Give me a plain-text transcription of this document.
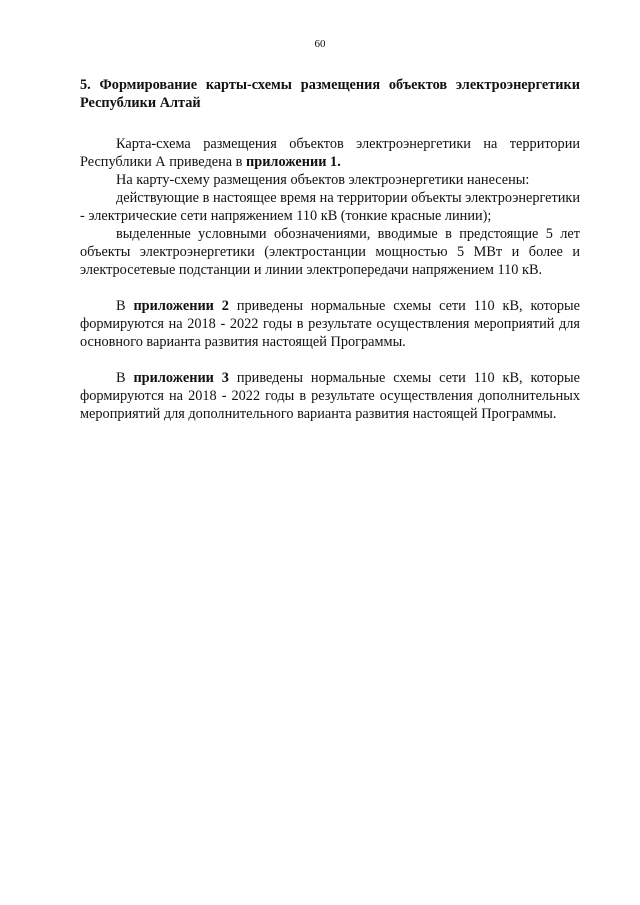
60

5. Формирование карты-схемы размещения объектов электроэнергетики Республики Алтай

Карта-схема размещения объектов электроэнергетики на территории Республики А приведена в приложении 1.

На карту-схему размещения объектов электроэнергетики нанесены:

действующие в настоящее время на территории объекты электроэнергетики - электрические сети напряжением 110 кВ (тонкие красные линии);

выделенные условными обозначениями, вводимые в предстоящие 5 лет объекты электроэнергетики (электростанции мощностью 5 МВт и более и электросетевые подстанции и линии электропередачи напряжением 110 кВ.

В приложении 2 приведены нормальные схемы сети 110 кВ, которые формируются на 2018 - 2022 годы в результате осуществления мероприятий для основного варианта развития настоящей Программы.

В приложении 3 приведены нормальные схемы сети 110 кВ, которые формируются на 2018 - 2022 годы в результате осуществления дополнительных мероприятий для дополнительного варианта развития настоящей Программы.
